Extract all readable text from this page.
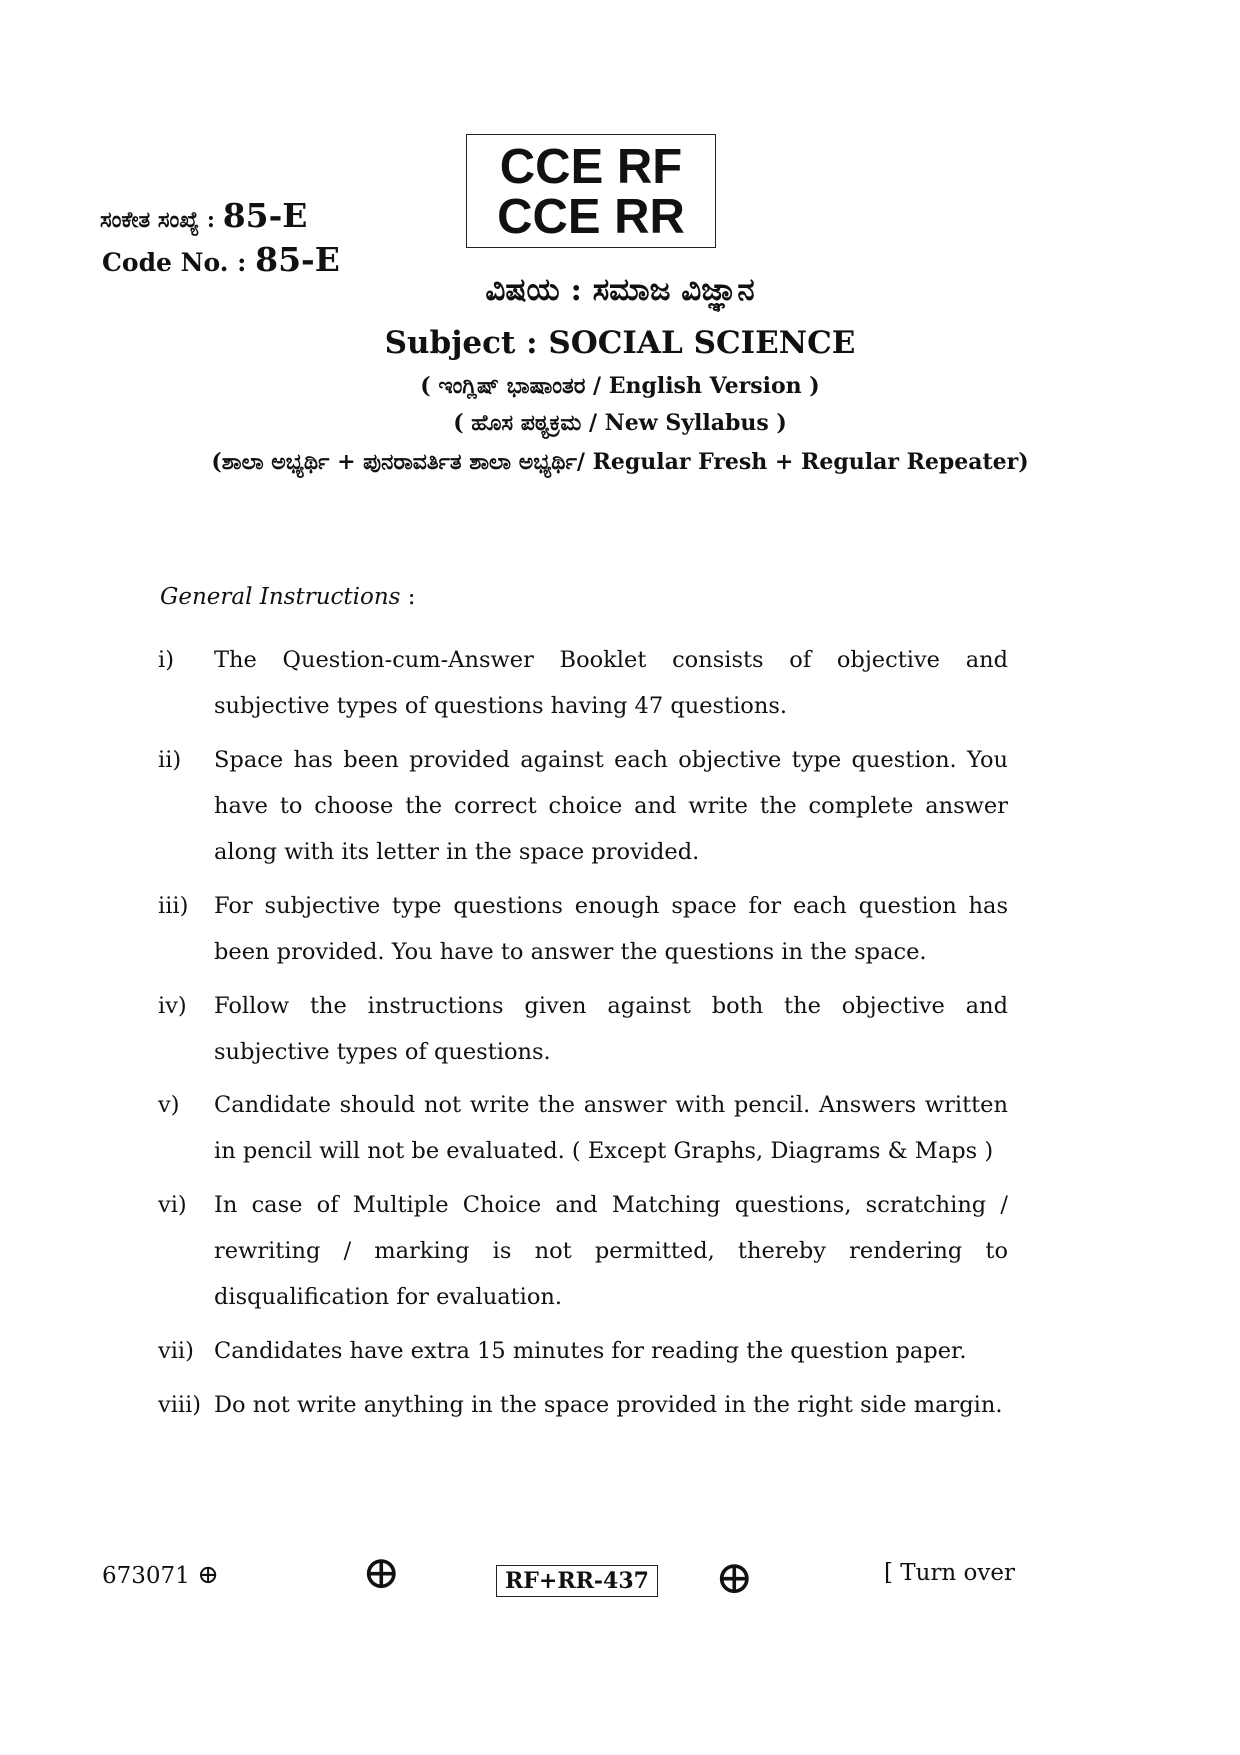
ಸಂಕೇತ ಸಂಖ್ಯೆ : 85-E
Code No. : 85-E
CCE RF
CCE RR
ವಿಷಯ : ಸಮಾಜ ವಿಜ್ಞಾನ
Subject : SOCIAL SCIENCE
( ಇಂಗ್ಲಿಷ್ ಭಾಷಾಂತರ / English Version )
( ಹೊಸ ಪಠ್ಯಕ್ರಮ / New Syllabus )
(ಶಾಲಾ ಅಭ್ಯರ್ಥಿ + ಪುನರಾವರ್ತಿತ ಶಾಲಾ ಅಭ್ಯರ್ಥಿ/ Regular Fresh + Regular Repeater)
General Instructions :
i)	The Question-cum-Answer Booklet consists of objective and subjective types of questions having 47 questions.
ii)	Space has been provided against each objective type question. You have to choose the correct choice and write the complete answer along with its letter in the space provided.
iii)	For subjective type questions enough space for each question has been provided. You have to answer the questions in the space.
iv)	Follow the instructions given against both the objective and subjective types of questions.
v)	Candidate should not write the answer with pencil. Answers written in pencil will not be evaluated. ( Except Graphs, Diagrams & Maps )
vi)	In case of Multiple Choice and Matching questions, scratching / rewriting / marking is not permitted, thereby rendering to disqualification for evaluation.
vii) Candidates have extra 15 minutes for reading the question paper.
viii) Do not write anything in the space provided in the right side margin.
673071 ⊕	⊕	RF+RR-437 ⊕	[ Turn over
